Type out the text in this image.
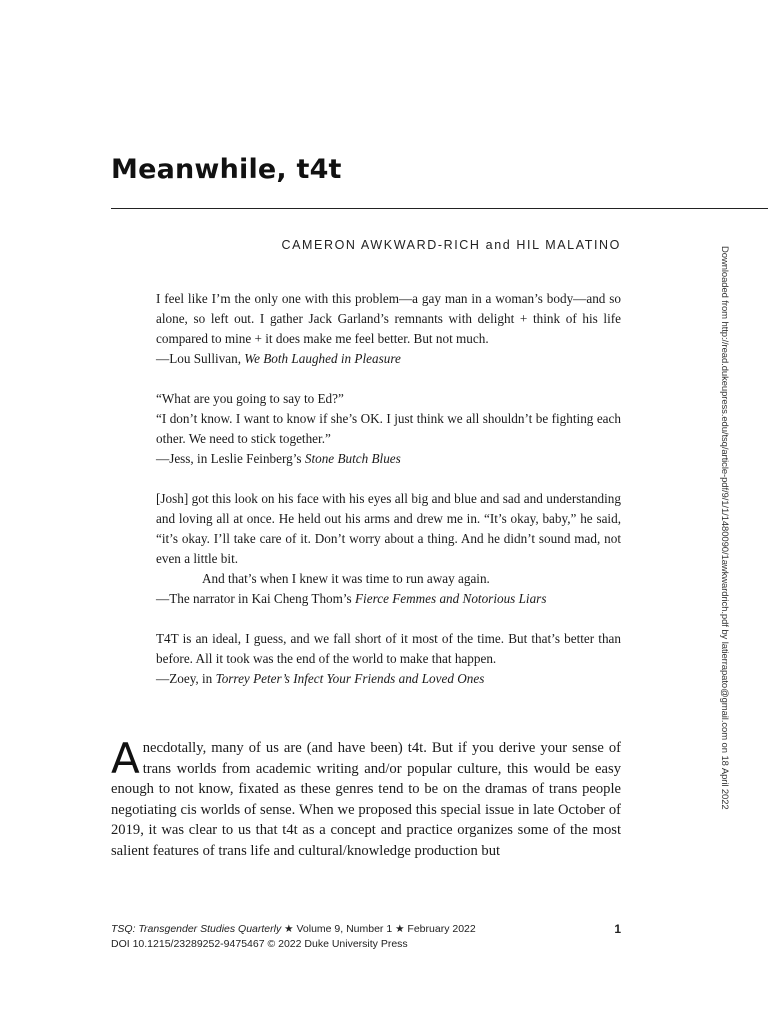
Meanwhile, t4t
CAMERON AWKWARD-RICH and HIL MALATINO

I feel like I’m the only one with this problem—a gay man in a woman’s body—and so alone, so left out. I gather Jack Garland’s remnants with delight + think of his life compared to mine + it does make me feel better. But not much.

—Lou Sullivan, We Both Laughed in Pleasure

“What are you going to say to Ed?”

“I don’t know. I want to know if she’s OK. I just think we all shouldn’t be fighting each other. We need to stick together.”

—Jess, in Leslie Feinberg’s Stone Butch Blues

[Josh] got this look on his face with his eyes all big and blue and sad and understanding and loving all at once. He held out his arms and drew me in. “It’s okay, baby,” he said, “it’s okay. I’ll take care of it. Don’t worry about a thing. And he didn’t sound mad, not even a little bit.

And that’s when I knew it was time to run away again.

—The narrator in Kai Cheng Thom’s Fierce Femmes and Notorious Liars

T4T is an ideal, I guess, and we fall short of it most of the time. But that’s better than before. All it took was the end of the world to make that happen.

—Zoey, in Torrey Peter’s Infect Your Friends and Loved Ones

Anecdotally, many of us are (and have been) t4t. But if you derive your sense of trans worlds from academic writing and/or popular culture, this would be easy enough to not know, fixated as these genres tend to be on the dramas of trans people negotiating cis worlds of sense. When we proposed this special issue in late October of 2019, it was clear to us that t4t as a concept and practice organizes some of the most salient features of trans life and cultural/knowledge production but

TSQ: Transgender Studies Quarterly ★ Volume 9, Number 1 ★ February 2022
DOI 10.1215/23289252-9475467 © 2022 Duke University Press
1
Downloaded from http://read.dukeupress.edu/tsq/article-pdf/9/1/1/1480090/1awkwardrich.pdf by latierrapato@gmail.com on 18 April 2022
